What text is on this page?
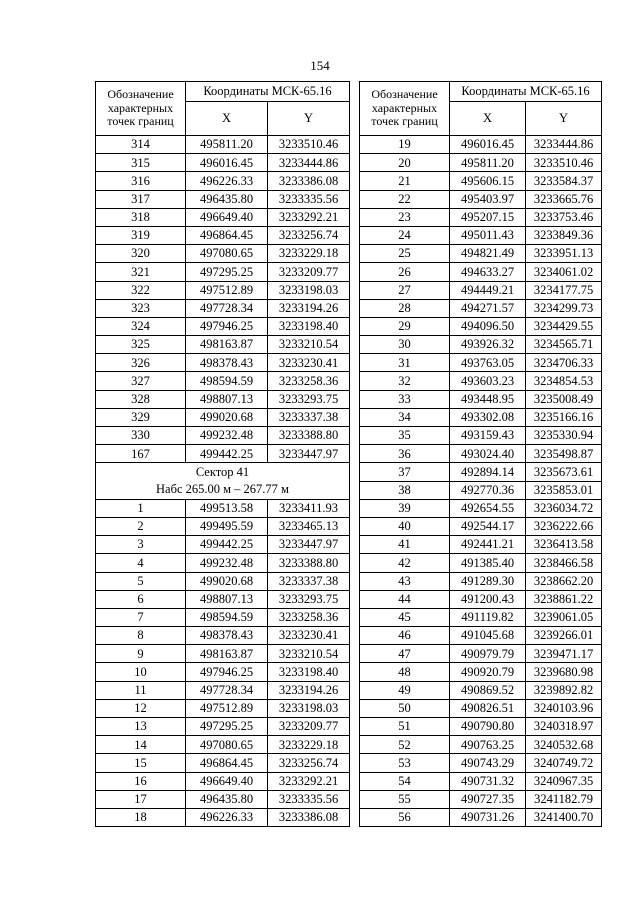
154
Обозначение характерных точек границ	Координаты МСК-65.16			Обозначение характерных точек границ	Координаты МСК-65.16	
	X	Y			X	Y
314	495811.20	3233510.46		19	496016.45	3233444.86
315	496016.45	3233444.86		20	495811.20	3233510.46
316	496226.33	3233386.08		21	495606.15	3233584.37
317	496435.80	3233335.56		22	495403.97	3233665.76
318	496649.40	3233292.21		23	495207.15	3233753.46
319	496864.45	3233256.74		24	495011.43	3233849.36
320	497080.65	3233229.18		25	494821.49	3233951.13
321	497295.25	3233209.77		26	494633.27	3234061.02
322	497512.89	3233198.03		27	494449.21	3234177.75
323	497728.34	3233194.26		28	494271.57	3234299.73
324	497946.25	3233198.40		29	494096.50	3234429.55
325	498163.87	3233210.54		30	493926.32	3234565.71
326	498378.43	3233230.41		31	493763.05	3234706.33
327	498594.59	3233258.36		32	493603.23	3234854.53
328	498807.13	3233293.75		33	493448.95	3235008.49
329	499020.68	3233337.38		34	493302.08	3235166.16
330	499232.48	3233388.80		35	493159.43	3235330.94
167	499442.25	3233447.97		36	493024.40	3235498.87

Сектор 41
Набс 265.00 м – 267.77 м				37	492894.14	3235673.61
				38	492770.36	3235853.01
1	499513.58	3233411.93		39	492654.55	3236034.72
2	499495.59	3233465.13		40	492544.17	3236222.66
3	499442.25	3233447.97		41	492441.21	3236413.58
4	499232.48	3233388.80		42	491385.40	3238466.58
5	499020.68	3233337.38		43	491289.30	3238662.20
6	498807.13	3233293.75		44	491200.43	3238861.22
7	498594.59	3233258.36		45	491119.82	3239061.05
8	498378.43	3233230.41		46	491045.68	3239266.01
9	498163.87	3233210.54		47	490979.79	3239471.17
10	497946.25	3233198.40		48	490920.79	3239680.98
11	497728.34	3233194.26		49	490869.52	3239892.82
12	497512.89	3233198.03		50	490826.51	3240103.96
13	497295.25	3233209.77		51	490790.80	3240318.97
14	497080.65	3233229.18		52	490763.25	3240532.68
15	496864.45	3233256.74		53	490743.29	3240749.72
16	496649.40	3233292.21		54	490731.32	3240967.35
17	496435.80	3233335.56		55	490727.35	3241182.79
18	496226.33	3233386.08		56	490731.26	3241400.70
